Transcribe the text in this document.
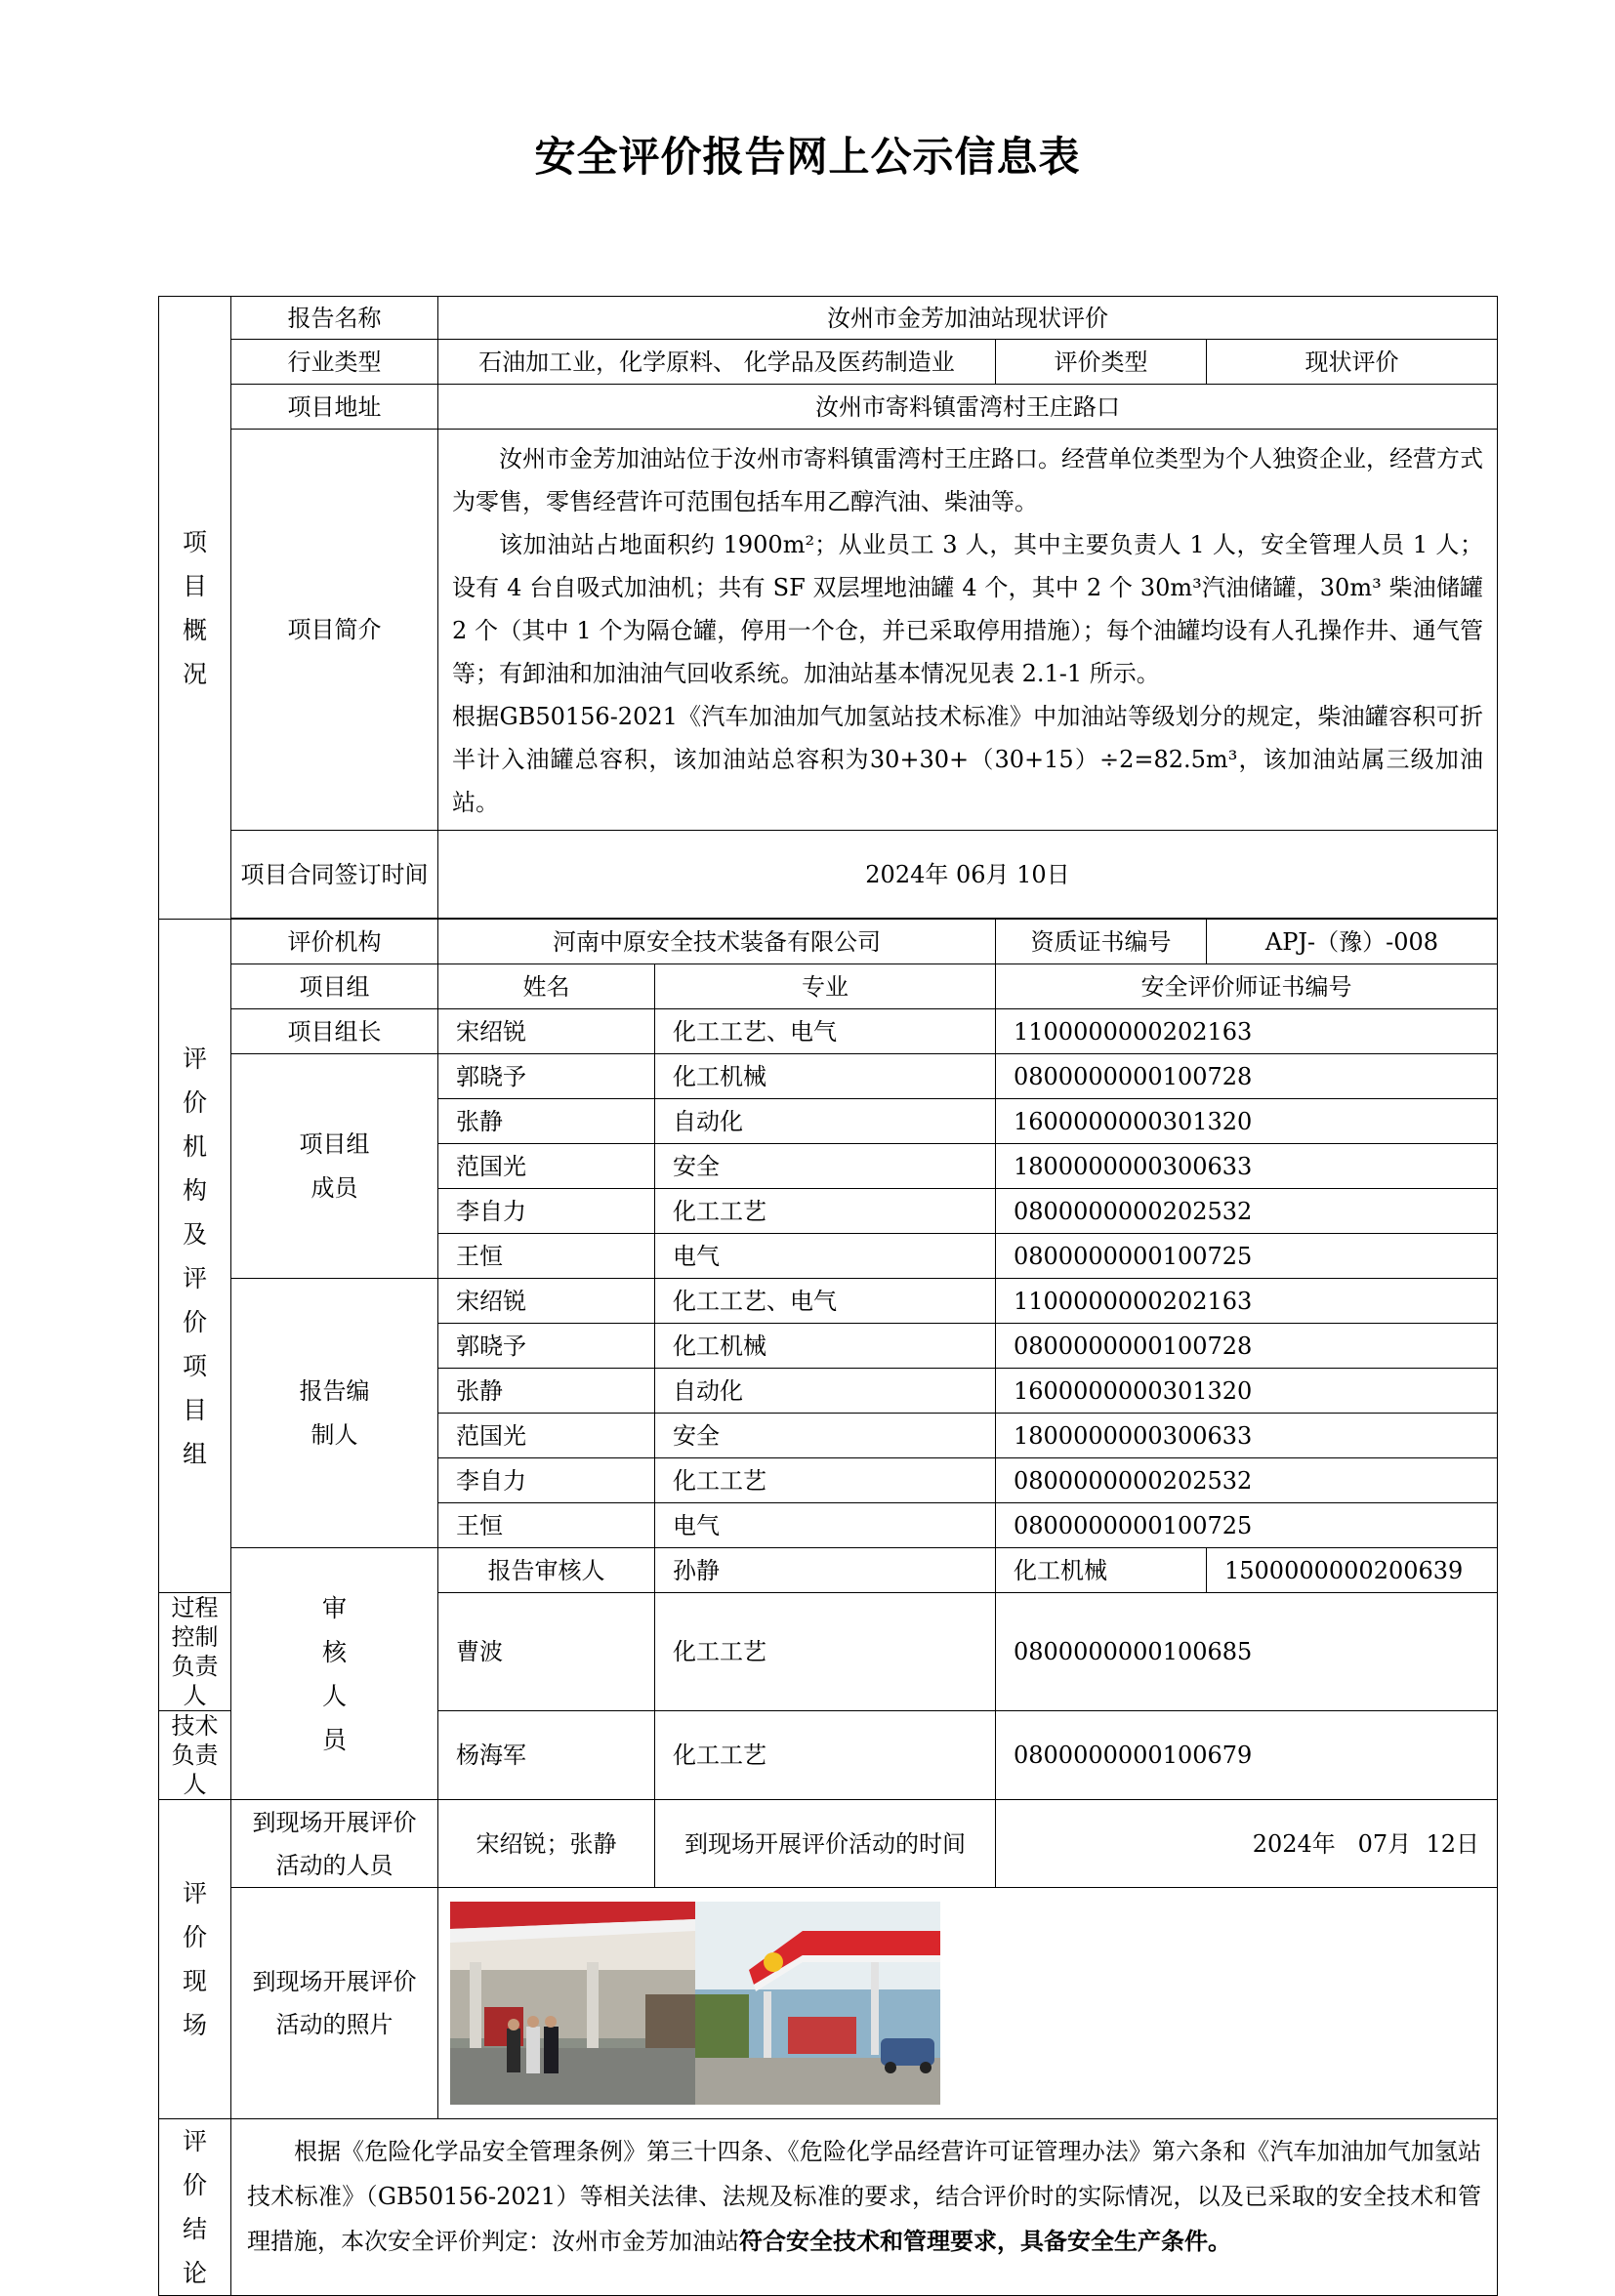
安全评价报告网上公示信息表
项目概况	报告名称	汝州市金芳加油站现状评价			
	行业类型	石油加工业，化学原料、 化学品及医药制造业		评价类型	现状评价
	项目地址	汝州市寄料镇雷湾村王庄路口			
	项目简介	汝州市金芳加油站位于汝州市寄料镇雷湾村王庄路口。经营单位类型为个人独资企业，经营方式为零售，零售经营许可范围包括车用乙醇汽油、柴油等。

该加油站占地面积约 1900m²；从业员工 3 人，其中主要负责人 1 人，安全管理人员 1 人；设有 4 台自吸式加油机；共有 SF 双层埋地油罐 4 个，其中 2 个 30m³汽油储罐，30m³ 柴油储罐 2 个（其中 1 个为隔仓罐，停用一个仓，并已采取停用措施）；每个油罐均设有人孔操作井、通气管等；有卸油和加油油气回收系统。加油站基本情况见表 2.1-1 所示。

根据GB50156-2021《汽车加油加气加氢站技术标准》中加油站等级划分的规定，柴油罐容积可折半计入油罐总容积，该加油站总容积为30+30+（30+15）÷2=82.5m³，该加油站属三级加油站。			

	项目合同签订时间	2024年 06月 10日			

评价机构及评价项目组	评价机构	河南中原安全技术装备有限公司		资质证书编号	APJ-（豫）-008
	项目组	姓名	专业	安全评价师证书编号	
	项目组长	宋绍锐	化工工艺、电气	1100000000202163	
	项目组成员	郭晓予	化工机械	0800000000100728	
		张静	自动化	1600000000301320	
		范国光	安全	1800000000300633	
		李自力	化工工艺	0800000000202532	
		王恒	电气	0800000000100725	
	报告编制人	宋绍锐	化工工艺、电气	1100000000202163	
		郭晓予	化工机械	0800000000100728	
		张静	自动化	1600000000301320	
		范国光	安全	1800000000300633	
		李自力	化工工艺	0800000000202532	
		王恒	电气	0800000000100725	

	审核人员	报告审核人	孙静	化工机械	1500000000200639
过程控制负责人		曹波	化工工艺	0800000000100685	
技术负责人		杨海军	化工工艺	0800000000100679	

评价现场	到现场开展评价活动的人员	宋绍锐；张静	到现场开展评价活动的时间	2024年   07月  12日	
	到现场开展评价活动的照片	

评价结论	根据《危险化学品安全管理条例》第三十四条、《危险化学品经营许可证管理办法》第六条和《汽车加油加气加氢站技术标准》（GB50156-2021）等相关法律、法规及标准的要求，结合评价时的实际情况，以及已采取的安全技术和管理措施，本次安全评价判定：汝州市金芳加油站符合安全技术和管理要求，具备安全生产条件。				
